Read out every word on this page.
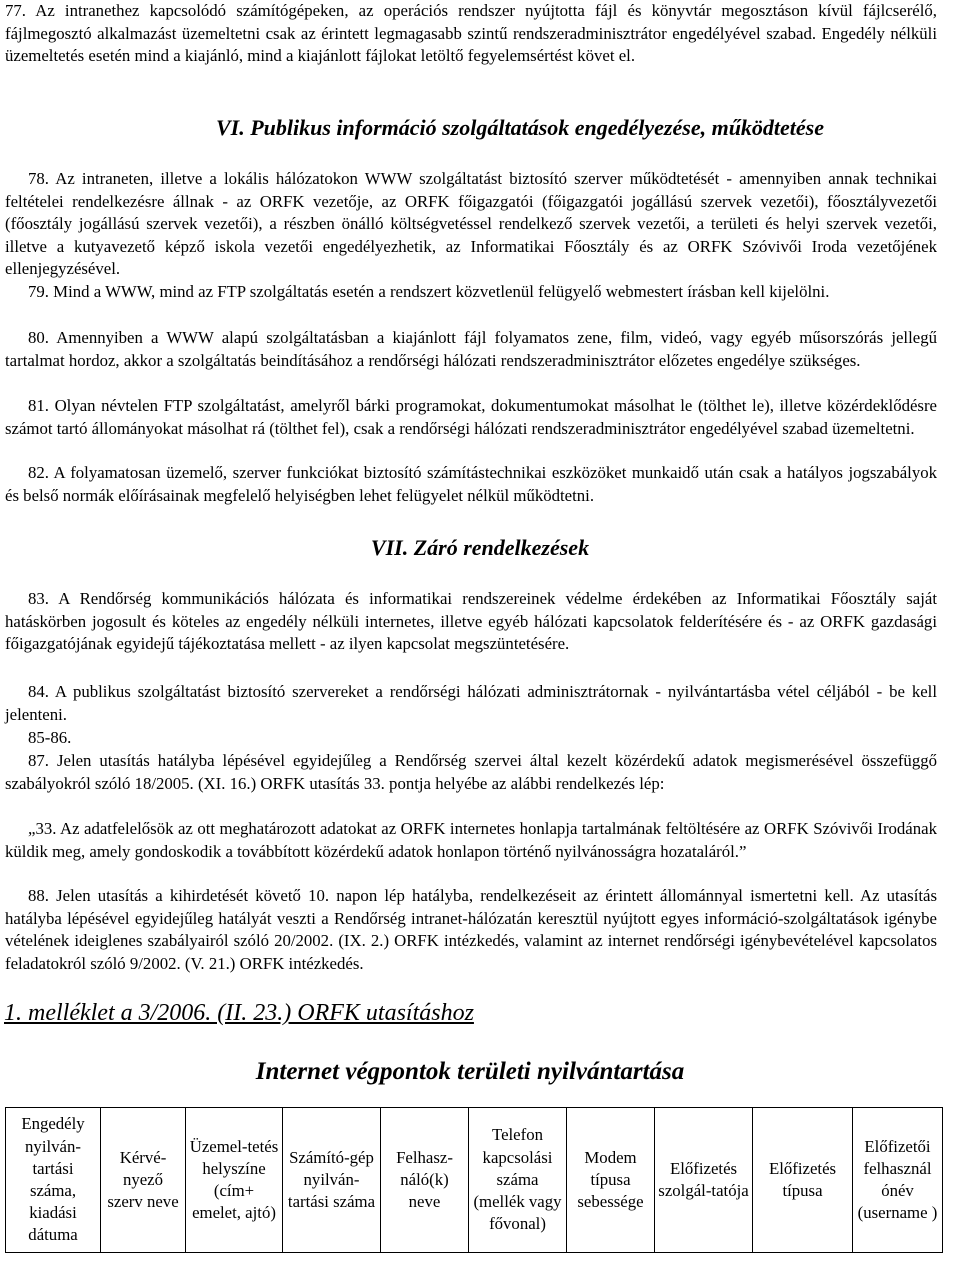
77. Az intranethez kapcsolódó számítógépeken, az operációs rendszer nyújtotta fájl és könyvtár megosztáson kívül fájlcserélő, fájlmegosztó alkalmazást üzemeltetni csak az érintett legmagasabb szintű rendszeradminisztrátor engedélyével szabad. Engedély nélküli üzemeltetés esetén mind a kiajánló, mind a kiajánlott fájlokat letöltő fegyelemsértést követ el.

VI. Publikus információ szolgáltatások engedélyezése, működtetése

78. Az intraneten, illetve a lokális hálózatokon WWW szolgáltatást biztosító szerver működtetését - amennyiben annak technikai feltételei rendelkezésre állnak - az ORFK vezetője, az ORFK főigazgatói (főigazgatói jogállású szervek vezetői), főosztályvezetői (főosztály jogállású szervek vezetői), a részben önálló költségvetéssel rendelkező szervek vezetői, a területi és helyi szervek vezetői, illetve a kutyavezető képző iskola vezetői engedélyezhetik, az Informatikai Főosztály és az ORFK Szóvivői Iroda vezetőjének ellenjegyzésével.

79. Mind a WWW, mind az FTP szolgáltatás esetén a rendszert közvetlenül felügyelő webmestert írásban kell kijelölni.

80. Amennyiben a WWW alapú szolgáltatásban a kiajánlott fájl folyamatos zene, film, videó, vagy egyéb műsorszórás jellegű tartalmat hordoz, akkor a szolgáltatás beindításához a rendőrségi hálózati rendszeradminisztrátor előzetes engedélye szükséges.

81. Olyan névtelen FTP szolgáltatást, amelyről bárki programokat, dokumentumokat másolhat le (tölthet le), illetve közérdeklődésre számot tartó állományokat másolhat rá (tölthet fel), csak a rendőrségi hálózati rendszeradminisztrátor engedélyével szabad üzemeltetni.

82. A folyamatosan üzemelő, szerver funkciókat biztosító számítástechnikai eszközöket munkaidő után csak a hatályos jogszabályok és belső normák előírásainak megfelelő helyiségben lehet felügyelet nélkül működtetni.

VII. Záró rendelkezések

83. A Rendőrség kommunikációs hálózata és informatikai rendszereinek védelme érdekében az Informatikai Főosztály saját hatáskörben jogosult és köteles az engedély nélküli internetes, illetve egyéb hálózati kapcsolatok felderítésére és - az ORFK gazdasági főigazgatójának egyidejű tájékoztatása mellett - az ilyen kapcsolat megszüntetésére.

84. A publikus szolgáltatást biztosító szervereket a rendőrségi hálózati adminisztrátornak - nyilvántartásba vétel céljából - be kell jelenteni.

85-86.

87. Jelen utasítás hatályba lépésével egyidejűleg a Rendőrség szervei által kezelt közérdekű adatok megismerésével összefüggő szabályokról szóló 18/2005. (XI. 16.) ORFK utasítás 33. pontja helyébe az alábbi rendelkezés lép:

„33. Az adatfelelősök az ott meghatározott adatokat az ORFK internetes honlapja tartalmának feltöltésére az ORFK Szóvivői Irodának küldik meg, amely gondoskodik a továbbított közérdekű adatok honlapon történő nyilvánosságra hozataláról.”

88. Jelen utasítás a kihirdetését követő 10. napon lép hatályba, rendelkezéseit az érintett állománnyal ismertetni kell. Az utasítás hatályba lépésével egyidejűleg hatályát veszti a Rendőrség intranet-hálózatán keresztül nyújtott egyes információ-szolgáltatások igénybe vételének ideiglenes szabályairól szóló 20/2002. (IX. 2.) ORFK intézkedés, valamint az internet rendőrségi igénybevételével kapcsolatos feladatokról szóló 9/2002. (V. 21.) ORFK intézkedés.

1. melléklet a 3/2006. (II. 23.) ORFK utasításhoz
Internet végpontok területi nyilvántartása
Engedély nyilván-tartási száma, kiadási dátuma	Kérvé-nyező szerv neve	Üzemel-tetés helyszíne (cím+ emelet, ajtó)	Számító-gép nyilván-tartási száma	Felhasz-náló(k) neve	Telefon kapcsolási száma (mellék vagy fővonal)	Modem típusa sebessége	Előfizetés szolgál-tatója	Előfizetés típusa	Előfizetői felhasznál ónév (username )
